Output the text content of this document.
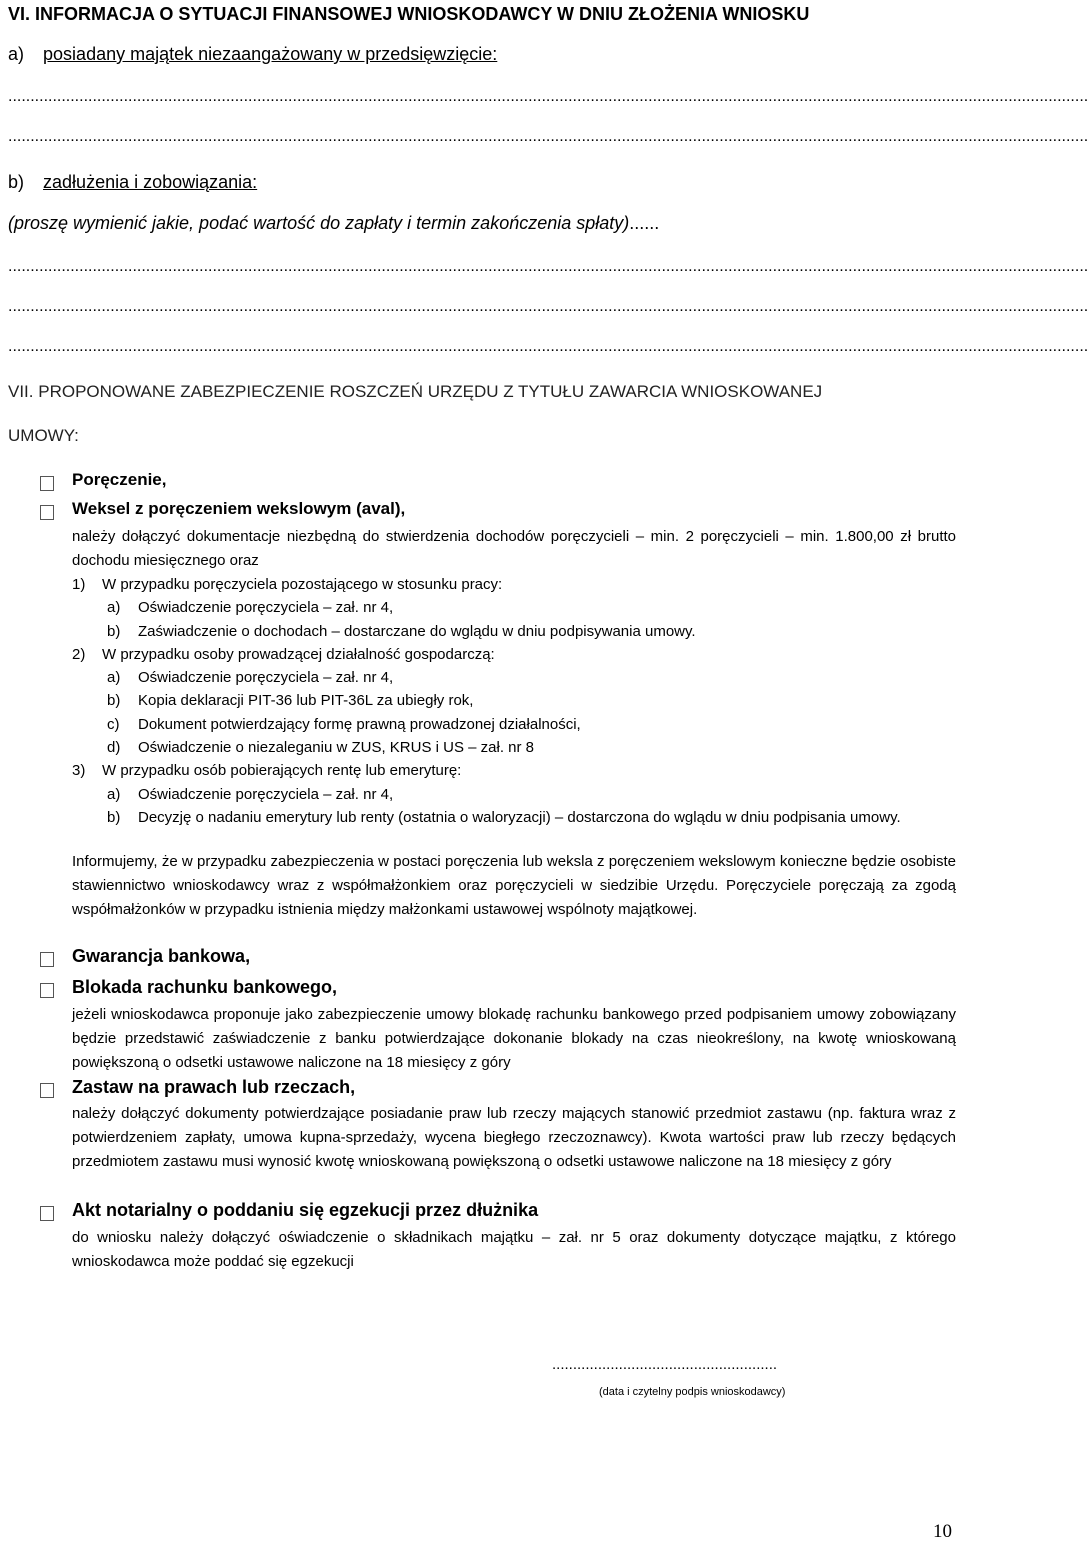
VI. INFORMACJA O SYTUACJI FINANSOWEJ WNIOSKODAWCY W DNIU ZŁOŻENIA WNIOSKU
a) posiadany majątek niezaangażowany w przedsięwzięcie:
...................................................................................................................................................................................................................................................
...................................................................................................................................................................................................................................................
b) zadłużenia i zobowiązania:
(proszę wymienić jakie, podać wartość do zapłaty i termin zakończenia spłaty)......
...................................................................................................................................................................................................................................................
...................................................................................................................................................................................................................................................
...................................................................................................................................................................................................................................................
VII. PROPONOWANE ZABEZPIECZENIE ROSZCZEŃ URZĘDU Z TYTUŁU ZAWARCIA WNIOSKOWANEJ
UMOWY:
Poręczenie,
Weksel z poręczeniem wekslowym (aval),
należy dołączyć dokumentacje niezbędną do stwierdzenia dochodów poręczycieli – min. 2 poręczycieli – min. 1.800,00 zł brutto dochodu miesięcznego oraz
1) W przypadku poręczyciela pozostającego w stosunku pracy:
a) Oświadczenie poręczyciela – zał. nr 4,
b) Zaświadczenie o dochodach – dostarczane do wglądu w dniu podpisywania umowy.
2) W przypadku osoby prowadzącej działalność gospodarczą:
a) Oświadczenie poręczyciela – zał. nr 4,
b) Kopia deklaracji PIT-36 lub PIT-36L za ubiegły rok,
c) Dokument potwierdzający formę prawną prowadzonej działalności,
d) Oświadczenie o niezaleganiu w ZUS, KRUS i US – zał. nr 8
3) W przypadku osób pobierających rentę lub emeryturę:
a) Oświadczenie poręczyciela – zał. nr 4,
b)	Decyzję o nadaniu emerytury lub renty (ostatnia o waloryzacji) – dostarczona do wglądu w dniu podpisania umowy.
Informujemy, że w przypadku zabezpieczenia w postaci poręczenia lub weksla z poręczeniem wekslowym konieczne będzie osobiste stawiennictwo wnioskodawcy wraz z współmałżonkiem oraz poręczycieli w siedzibie Urzędu. Poręczyciele poręczają za zgodą współmałżonków w przypadku istnienia między małżonkami ustawowej wspólnoty majątkowej.
Gwarancja bankowa,
Blokada rachunku bankowego,
jeżeli wnioskodawca proponuje jako zabezpieczenie umowy blokadę rachunku bankowego przed podpisaniem umowy zobowiązany będzie przedstawić zaświadczenie z banku potwierdzające dokonanie blokady na czas nieokreślony, na kwotę wnioskowaną powiększoną o odsetki ustawowe naliczone na 18 miesięcy z góry
Zastaw na prawach lub rzeczach,
należy dołączyć dokumenty potwierdzające posiadanie praw lub rzeczy mających stanowić przedmiot zastawu (np. faktura wraz z potwierdzeniem zapłaty, umowa kupna-sprzedaży, wycena biegłego rzeczoznawcy). Kwota wartości praw lub rzeczy będących przedmiotem zastawu musi wynosić kwotę wnioskowaną powiększoną o odsetki ustawowe naliczone na 18 miesięcy z góry
Akt notarialny o poddaniu się egzekucji przez dłużnika
do wniosku należy dołączyć oświadczenie o składnikach majątku – zał. nr 5 oraz dokumenty dotyczące majątku, z którego wnioskodawca może poddać się egzekucji
......................................................
(data i czytelny podpis wnioskodawcy)
10
